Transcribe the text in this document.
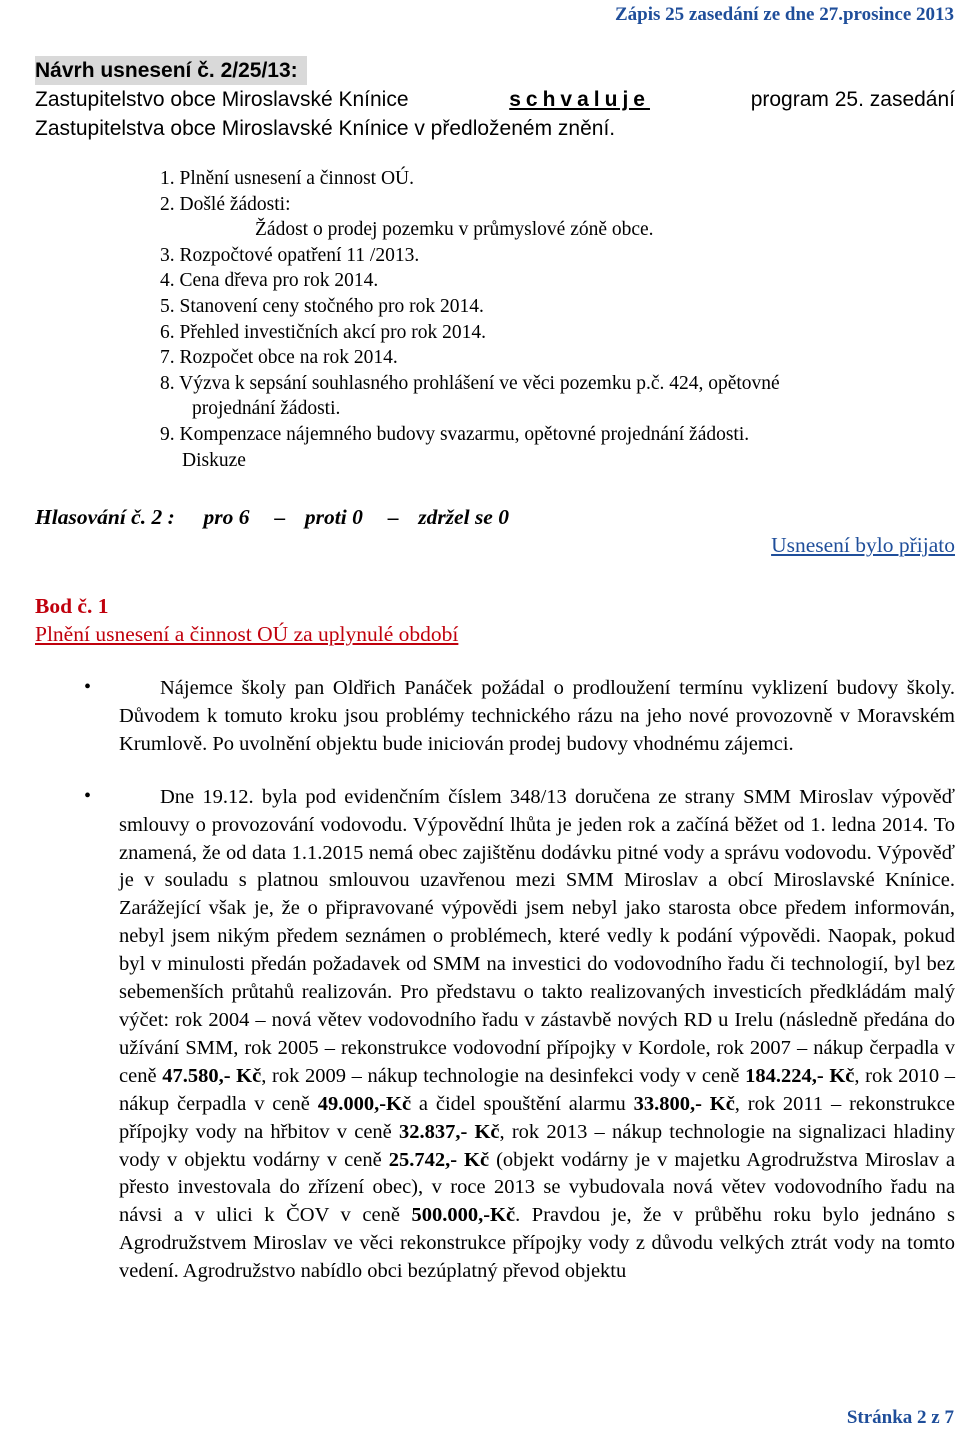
Zápis 25 zasedání ze dne 27.prosince 2013
Návrh usnesení č. 2/25/13:
Zastupitelstvo obce Miroslavské Knínice	schvaluje	program 25. zasedání
Zastupitelstva obce Miroslavské Knínice v předloženém znění.
1. Plnění usnesení a činnost OÚ.
2. Došlé žádosti:
Žádost o prodej pozemku v průmyslové zóně obce.
3. Rozpočtové opatření 11 /2013.
4. Cena dřeva pro rok 2014.
5. Stanovení ceny stočného pro rok 2014.
6. Přehled investičních akcí pro rok 2014.
7. Rozpočet obce na rok 2014.
8. Výzva k sepsání souhlasného prohlášení ve věci pozemku p.č. 424, opětovné
projednání žádosti.
9. Kompenzace nájemného budovy svazarmu, opětovné projednání žádosti.
Diskuze
Hlasování č. 2 : pro 6 – proti 0 – zdržel se 0
Usnesení bylo přijato
Bod č. 1
Plnění usnesení a činnost OÚ za uplynulé období

• Nájemce školy pan Oldřich Panáček požádal o prodloužení termínu vyklizení budovy školy. Důvodem k tomuto kroku jsou problémy technického rázu na jeho nové provozovně v Moravském Krumlově. Po uvolnění objektu bude iniciován prodej budovy vhodnému zájemci.

• Dne 19.12. byla pod evidenčním číslem 348/13 doručena ze strany SMM Miroslav výpověď smlouvy o provozování vodovodu. Výpovědní lhůta je jeden rok a začíná běžet od 1. ledna 2014. To znamená, že od data 1.1.2015 nemá obec zajištěnu dodávku pitné vody a správu vodovodu. Výpověď je v souladu s platnou smlouvou uzavřenou mezi SMM Miroslav a obcí Miroslavské Knínice. Zarážející však je, že o připravované výpovědi jsem nebyl jako starosta obce předem informován, nebyl jsem nikým předem seznámen o problémech, které vedly k podání výpovědi. Naopak, pokud byl v minulosti předán požadavek od SMM na investici do vodovodního řadu či technologií, byl bez sebemenších průtahů realizován. Pro představu o takto realizovaných investicích předkládám malý výčet: rok 2004 – nová větev vodovodního řadu v zástavbě nových RD u Irelu (následně předána do užívání SMM, rok 2005 – rekonstrukce vodovodní přípojky v Kordole, rok 2007 – nákup čerpadla v ceně 47.580,- Kč, rok 2009 – nákup technologie na desinfekci vody v ceně 184.224,- Kč, rok 2010 – nákup čerpadla v ceně 49.000,-Kč a čidel spouštění alarmu 33.800,- Kč, rok 2011 – rekonstrukce přípojky vody na hřbitov v ceně 32.837,- Kč, rok 2013 – nákup technologie na signalizaci hladiny vody v objektu vodárny v ceně 25.742,- Kč (objekt vodárny je v majetku Agrodružstva Miroslav a přesto investovala do zřízení obec), v roce 2013 se vybudovala nová větev vodovodního řadu na návsi a v ulici k ČOV v ceně 500.000,-Kč. Pravdou je, že v průběhu roku bylo jednáno s Agrodružstvem Miroslav ve věci rekonstrukce přípojky vody z důvodu velkých ztrát vody na tomto vedení. Agrodružstvo nabídlo obci bezúplatný převod objektu

Stránka 2 z 7
